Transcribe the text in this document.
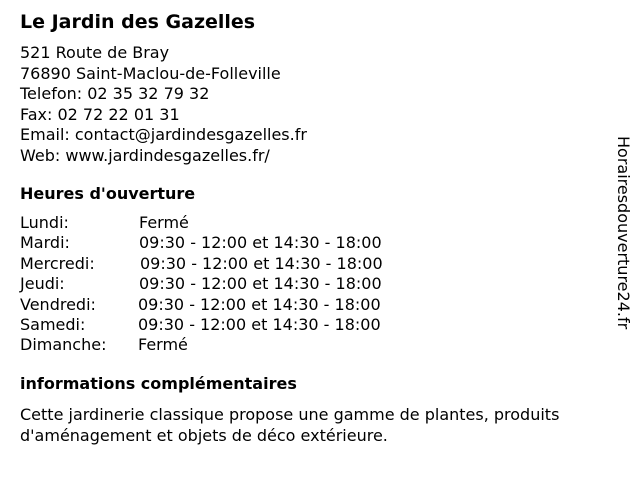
Le Jardin des Gazelles
521 Route de Bray
76890 Saint-Maclou-de-Folleville
Telefon: 02 35 32 79 32
Fax: 02 72 22 01 31
Email: contact@jardindesgazelles.fr
Web: www.jardindesgazelles.fr/
Heures d'ouverture
Lundi:	Fermé
Mardi:	09:30 - 12:00 et 14:30 - 18:00
Mercredi:	09:30 - 12:00 et 14:30 - 18:00
Jeudi:	09:30 - 12:00 et 14:30 - 18:00
Vendredi:	09:30 - 12:00 et 14:30 - 18:00
Samedi:	09:30 - 12:00 et 14:30 - 18:00
Dimanche: Fermé
informations complémentaires

Cette jardinerie classique propose une gamme de plantes, produits d'aménagement et objets de déco extérieure.

Horairesdouverture24.fr
